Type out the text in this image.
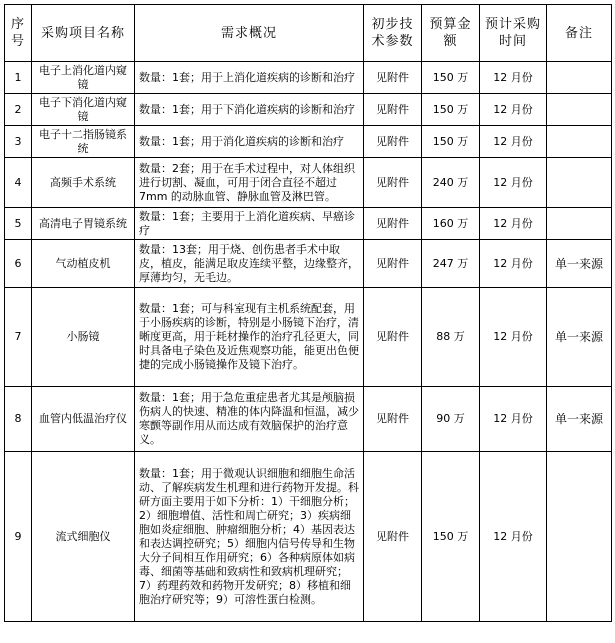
序号	采购项目名称	需求概况	初步技术参数	预算金额	预计采购时间	备注
1	电子上消化道内窥镜	数量：1套；用于上消化道疾病的诊断和治疗	见附件	150 万	12 月份	
2	电子下消化道内窥镜	数量：1套；用于下消化道疾病的诊断和治疗	见附件	150 万	12 月份	
3	电子十二指肠镜系统	数量：1套；用于消化道疾病的诊断和治疗	见附件	150 万	12 月份	
4	高频手术系统	数量：2套；用于在手术过程中，对人体组织进行切割、凝血，可用于闭合直径不超过 7mm 的动脉血管、静脉血管及淋巴管。	见附件	240 万	12 月份	
5	高清电子胃镜系统	数量：1套；主要用于上消化道疾病、早癌诊疗	见附件	160 万	12 月份	
6	气动植皮机	数量：13套；用于烧、创伤患者手术中取皮，植皮，能满足取皮连续平整，边缘整齐，厚薄均匀，无毛边。	见附件	247 万	12 月份	单一来源
7	小肠镜	数量：1套；可与科室现有主机系统配套，用于小肠疾病的诊断，特别是小肠镜下治疗，清晰度更高，用于耗材操作的治疗孔径更大，同时具备电子染色及近焦观察功能，能更出色便捷的完成小肠镜操作及镜下治疗。	见附件	88 万	12 月份	单一来源
8	血管内低温治疗仪	数量：1套；用于急危重症患者尤其是颅脑损伤病人的快速、精准的体内降温和恒温，减少寒颤等副作用从而达成有效脑保护的治疗意义。	见附件	90 万	12 月份	单一来源
9	流式细胞仪	数量：1套；用于微观认识细胞和细胞生命活动、了解疾病发生机理和进行药物开发提。科研方面主要用于如下分析：1）干细胞分析；2）细胞增值、活性和周亡研究；3）疾病细胞如炎症细胞、肿瘤细胞分析；4）基因表达和表达调控研究；5）细胞内信号传导和生物大分子间相互作用研究；6）各种病原体如病毒、细菌等基础和致病性和致病机理研究；7）药理药效和药物开发研究；8）移植和细胞治疗研究等；9）可溶性蛋白检测。	见附件	150 万	12 月份	
